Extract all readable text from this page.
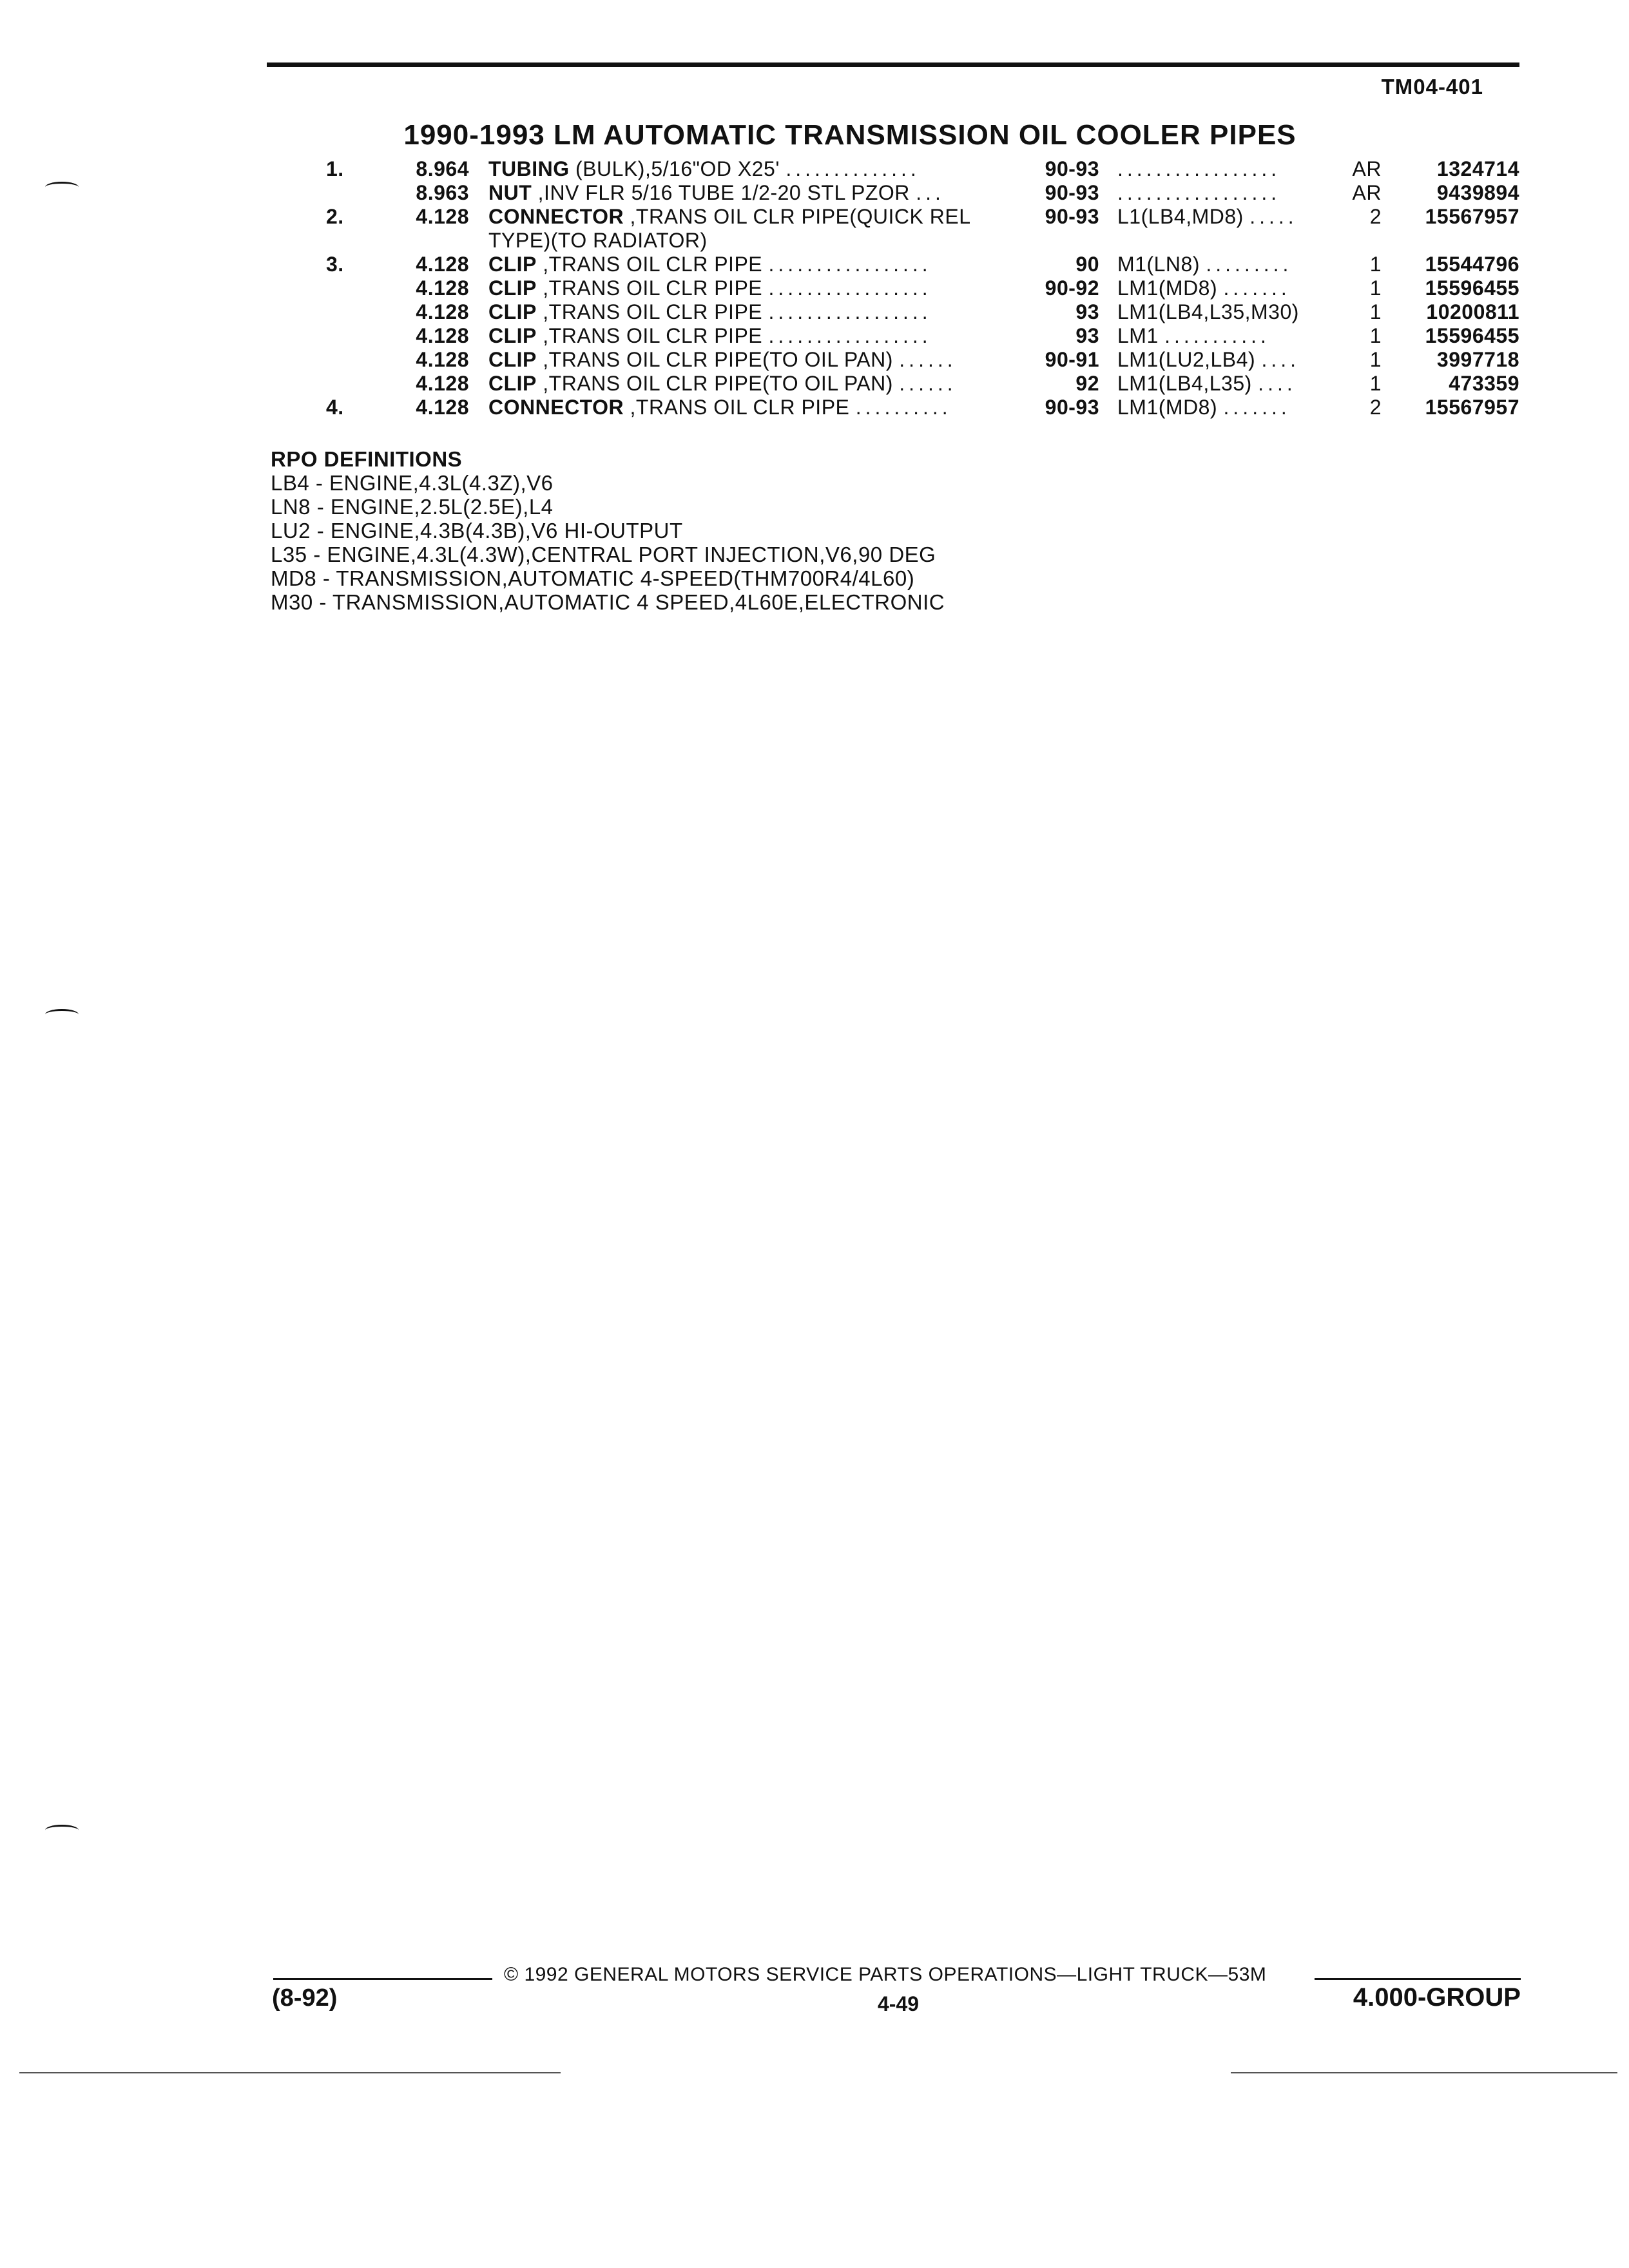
TM04-401
1990-1993 LM AUTOMATIC TRANSMISSION OIL COOLER PIPES
1.	8.964 TUBING (BULK),5/16"OD X25' ..............	90-93 .................	AR	1324714
8.963 NUT ,INV FLR 5/16 TUBE 1/2-20 STL PZOR ...	90-93 .................	AR	9439894
2.	4.128 CONNECTOR ,TRANS OIL CLR PIPE(QUICK REL	90-93 L1(LB4,MD8) .....	2 15567957
TYPE)(TO RADIATOR)
3.	4.128 CLIP ,TRANS OIL CLR PIPE .................	90 M1(LN8) .........	1 15544796
4.128 CLIP ,TRANS OIL CLR PIPE .................	90-92 LM1(MD8) .......	1 15596455
4.128 CLIP ,TRANS OIL CLR PIPE .................	93 LM1(LB4,L35,M30)	1 10200811
4.128 CLIP ,TRANS OIL CLR PIPE .................	93 LM1 ...........	1 15596455
4.128 CLIP ,TRANS OIL CLR PIPE(TO OIL PAN) ......	90-91 LM1(LU2,LB4) ....	1	3997718
4.128 CLIP ,TRANS OIL CLR PIPE(TO OIL PAN) ......	92 LM1(LB4,L35) ....	1	473359
4.	4.128 CONNECTOR ,TRANS OIL CLR PIPE ..........	90-93 LM1(MD8) .......	2 15567957
RPO DEFINITIONS
LB4 - ENGINE,4.3L(4.3Z),V6
LN8 - ENGINE,2.5L(2.5E),L4
LU2 - ENGINE,4.3B(4.3B),V6 HI-OUTPUT
L35 - ENGINE,4.3L(4.3W),CENTRAL PORT INJECTION,V6,90 DEG
MD8 - TRANSMISSION,AUTOMATIC 4-SPEED(THM700R4/4L60)
M30 - TRANSMISSION,AUTOMATIC 4 SPEED,4L60E,ELECTRONIC
© 1992 GENERAL MOTORS SERVICE PARTS OPERATIONS—LIGHT TRUCK—53M
(8-92)	4-49	4.000-GROUP
